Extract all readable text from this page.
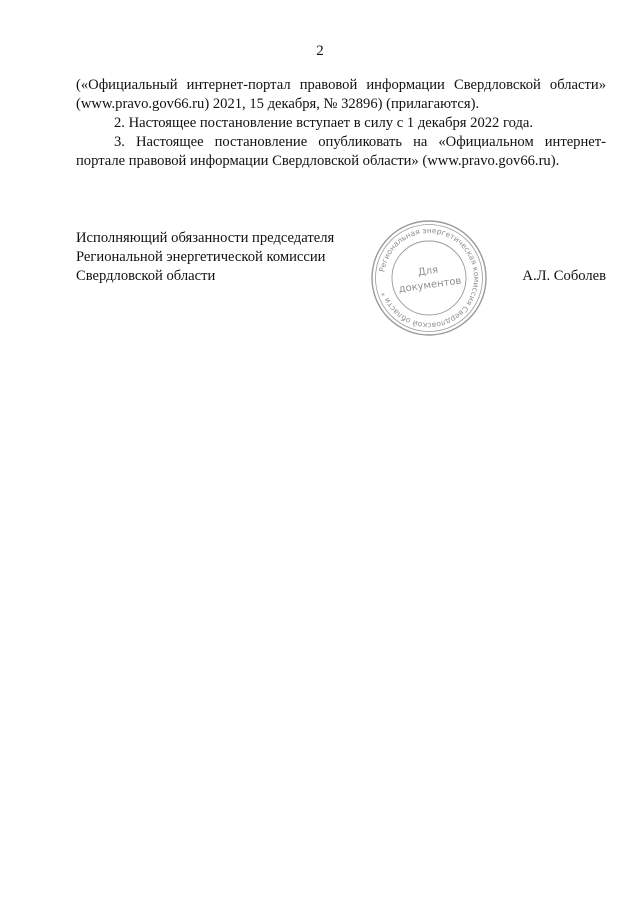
2

(«Официальный интернет-портал правовой информации Свердловской области» (www.pravo.gov66.ru) 2021, 15 декабря, № 32896) (прилагаются).

2. Настоящее постановление вступает в силу с 1 декабря 2022 года.

3. Настоящее постановление опубликовать на «Официальном интернет-портале правовой информации Свердловской области» (www.pravo.gov66.ru).

Исполняющий обязанности председателя
Региональной энергетической комиссии
Свердловской области	А.Л. Соболев
Региональная энергетическая комиссия Свердловской области *
Для
документов
